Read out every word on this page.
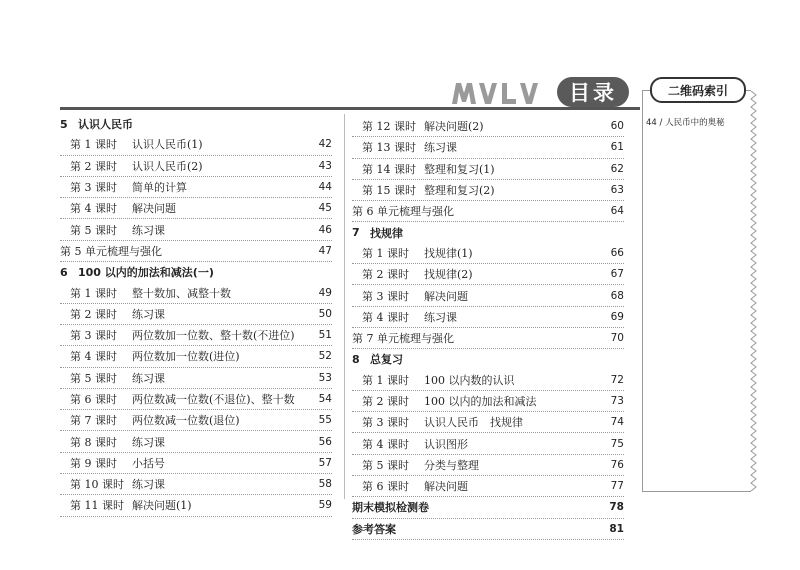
目录
5 认识人民币
第 1 课时	认识人民币(1)	42
第 2 课时	认识人民币(2)	43
第 3 课时	简单的计算	44
第 4 课时	解决问题	45
第 5 课时	练习课	46
第 5 单元梳理与强化	47
6 100 以内的加法和减法(一)
第 1 课时	整十数加、减整十数	49
第 2 课时	练习课	50
第 3 课时	两位数加一位数、整十数(不进位)	51
第 4 课时	两位数加一位数(进位)	52
第 5 课时	练习课	53
第 6 课时	两位数减一位数(不退位)、整十数	54
第 7 课时	两位数减一位数(退位)	55
第 8 课时	练习课	56
第 9 课时	小括号	57
第 10 课时 练习课	58
第 11 课时 解决问题(1)	59
第 12 课时 解决问题(2)	60
第 13 课时 练习课	61
第 14 课时 整理和复习(1)	62
第 15 课时 整理和复习(2)	63
第 6 单元梳理与强化	64
7 找规律
第 1 课时	找规律(1)	66
第 2 课时	找规律(2)	67
第 3 课时	解决问题	68
第 4 课时	练习课	69
第 7 单元梳理与强化	70
8 总复习
第 1 课时	100 以内数的认识	72
第 2 课时	100 以内的加法和减法	73
第 3 课时	认识人民币　找规律	74
第 4 课时	认识图形	75
第 5 课时	分类与整理	76
第 6 课时	解决问题	77
期末模拟检测卷	78
参考答案	81
二维码索引
44 / 人民币中的奥秘
